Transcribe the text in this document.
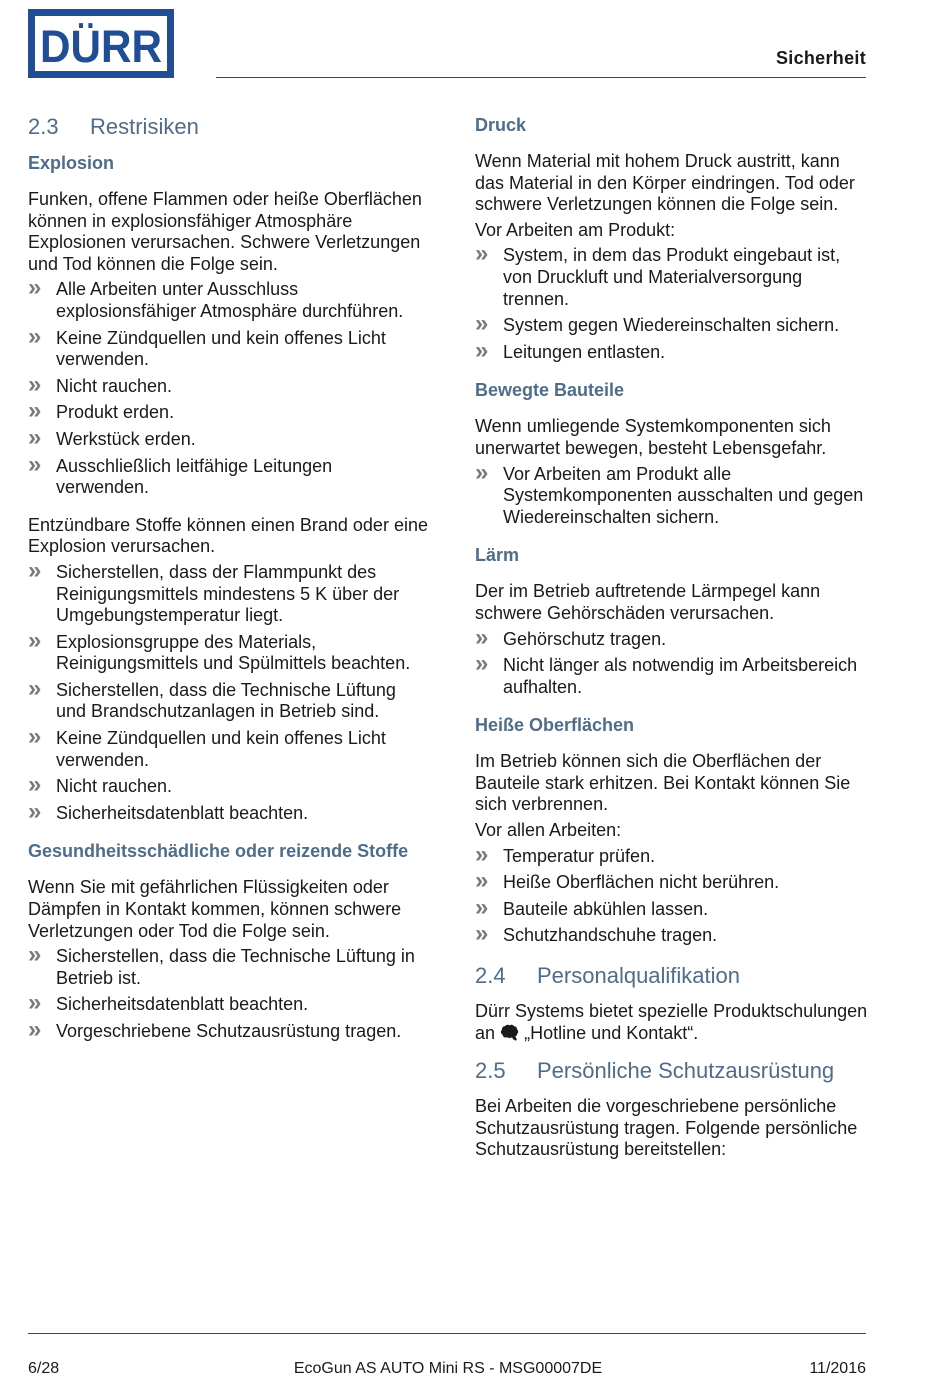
DÜRR	Sicherheit
2.3 Restrisiken
Explosion

Funken, offene Flammen oder heiße Oberflächen können in explosionsfähiger Atmosphäre Explosionen verursachen. Schwere Verletzungen und Tod können die Folge sein.

» Alle Arbeiten unter Ausschluss explosionsfähiger Atmosphäre durchführen.
» Keine Zündquellen und kein offenes Licht verwenden.
» Nicht rauchen.
» Produkt erden.
» Werkstück erden.
» Ausschließlich leitfähige Leitungen verwenden.

Entzündbare Stoffe können einen Brand oder eine Explosion verursachen.

» Sicherstellen, dass der Flammpunkt des Reinigungsmittels mindestens 5 K über der Umgebungstemperatur liegt.
» Explosionsgruppe des Materials, Reinigungsmittels und Spülmittels beachten.
» Sicherstellen, dass die Technische Lüftung und Brandschutzanlagen in Betrieb sind.
» Keine Zündquellen und kein offenes Licht verwenden.
» Nicht rauchen.
» Sicherheitsdatenblatt beachten.
Gesundheitsschädliche oder reizende Stoffe

Wenn Sie mit gefährlichen Flüssigkeiten oder Dämpfen in Kontakt kommen, können schwere Verletzungen oder Tod die Folge sein.

» Sicherstellen, dass die Technische Lüftung in Betrieb ist.
» Sicherheitsdatenblatt beachten.
» Vorgeschriebene Schutzausrüstung tragen.
Druck

Wenn Material mit hohem Druck austritt, kann das Material in den Körper eindringen. Tod oder schwere Verletzungen können die Folge sein.

Vor Arbeiten am Produkt:

» System, in dem das Produkt eingebaut ist, von Druckluft und Materialversorgung trennen.
» System gegen Wiedereinschalten sichern.
» Leitungen entlasten.
Bewegte Bauteile

Wenn umliegende Systemkomponenten sich unerwartet bewegen, besteht Lebensgefahr.

» Vor Arbeiten am Produkt alle Systemkomponenten ausschalten und gegen Wiedereinschalten sichern.
Lärm

Der im Betrieb auftretende Lärmpegel kann schwere Gehörschäden verursachen.

» Gehörschutz tragen.
» Nicht länger als notwendig im Arbeitsbereich aufhalten.
Heiße Oberflächen

Im Betrieb können sich die Oberflächen der Bauteile stark erhitzen. Bei Kontakt können Sie sich verbrennen.

Vor allen Arbeiten:

» Temperatur prüfen.
» Heiße Oberflächen nicht berühren.
» Bauteile abkühlen lassen.
» Schutzhandschuhe tragen.
2.4 Personalqualifikation

Dürr Systems bietet spezielle Produktschulungen an 🗬 „Hotline und Kontakt“.

2.5 Persönliche Schutzausrüstung

Bei Arbeiten die vorgeschriebene persönliche Schutzausrüstung tragen. Folgende persönliche Schutzausrüstung bereitstellen:

6/28	EcoGun AS AUTO Mini RS - MSG00007DE	11/2016
